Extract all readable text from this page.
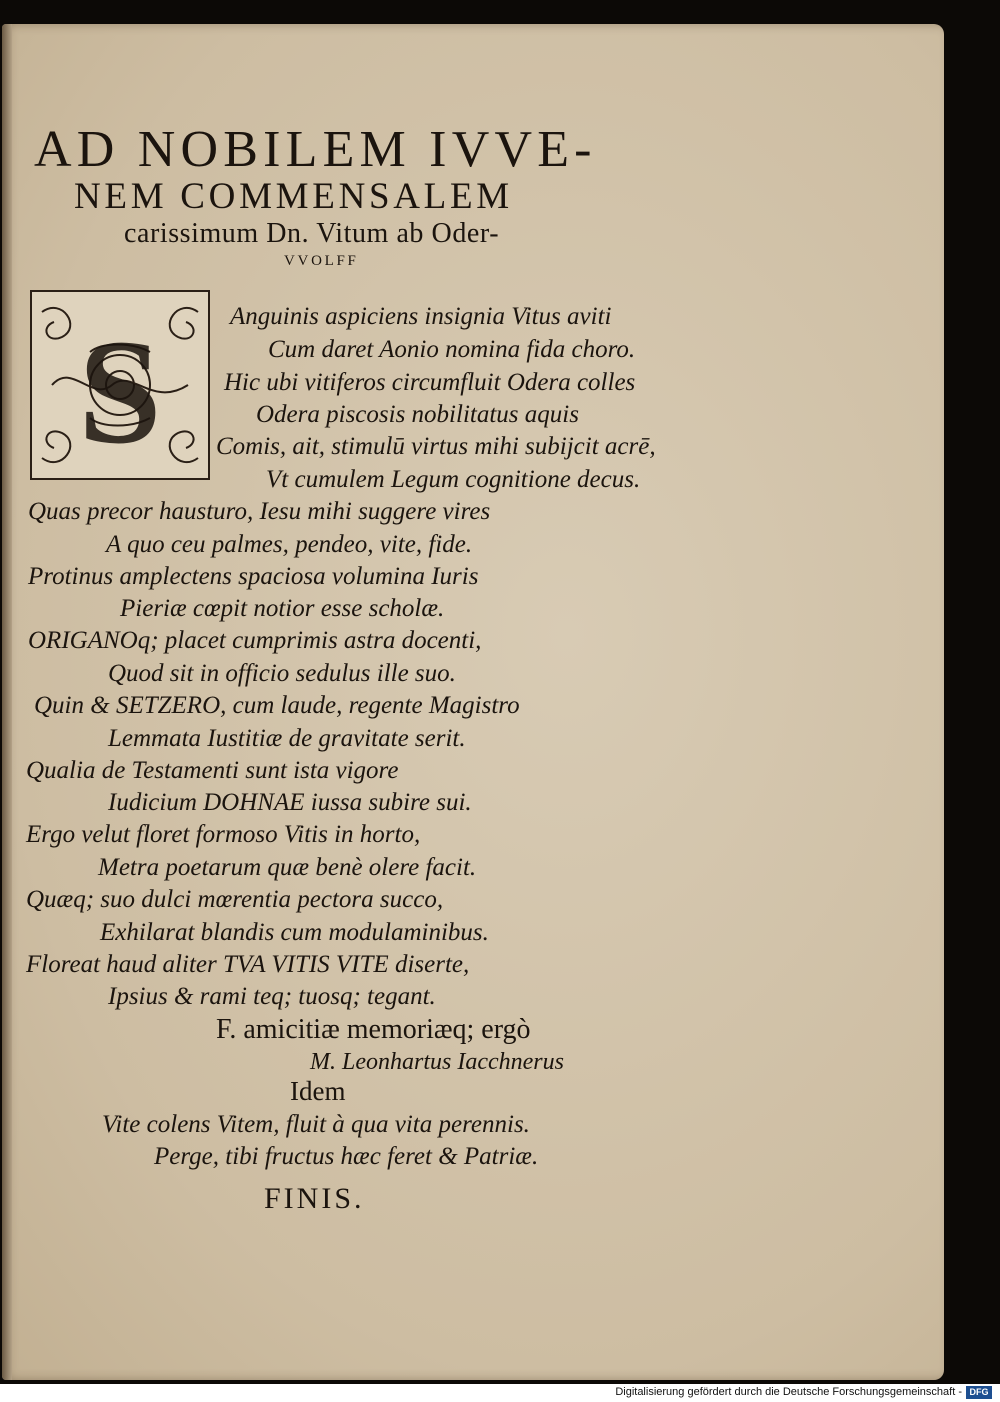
AD NOBILEM IVVE-
NEM COMMENSALEM
carissimum Dn. Vitum ab Oder-
VVOLFF
S	Anguinis aspiciens insignia Vitus aviti
Cum daret Aonio nomina fida choro.
Hic ubi vitiferos circumfluit Odera colles
Odera piscosis nobilitatus aquis
Comis, ait, stimulū virtus mihi subijcit acrē,
Vt cumulem Legum cognitione decus.
Quas precor hausturo, Iesu mihi suggere vires
A quo ceu palmes, pendeo, vite, fide.
Protinus amplectens spaciosa volumina Iuris
Pieriæ cœpit notior esse scholæ.
ORIGANOq; placet cumprimis astra docenti,
Quod sit in officio sedulus ille suo.
Quin & SETZERO, cum laude, regente Magistro
Lemmata Iustitiæ de gravitate serit.
Qualia de Testamenti sunt ista vigore
Iudicium DOHNAE iussa subire sui.
Ergo velut floret formoso Vitis in horto,
Metra poetarum quæ benè olere facit.
Quæq; suo dulci mœrentia pectora succo,
Exhilarat blandis cum modulaminibus.
Floreat haud aliter TVA VITIS VITE diserte,
Ipsius & rami teq; tuosq; tegant.
F. amicitiæ memoriæq; ergò
M. Leonhartus Iacchnerus
Idem
Vite colens Vitem, fluit à qua vita perennis.
Perge, tibi fructus hæc feret & Patriæ.
FINIS.
Digitalisierung gefördert durch die Deutsche Forschungsgemeinschaft - DFG
